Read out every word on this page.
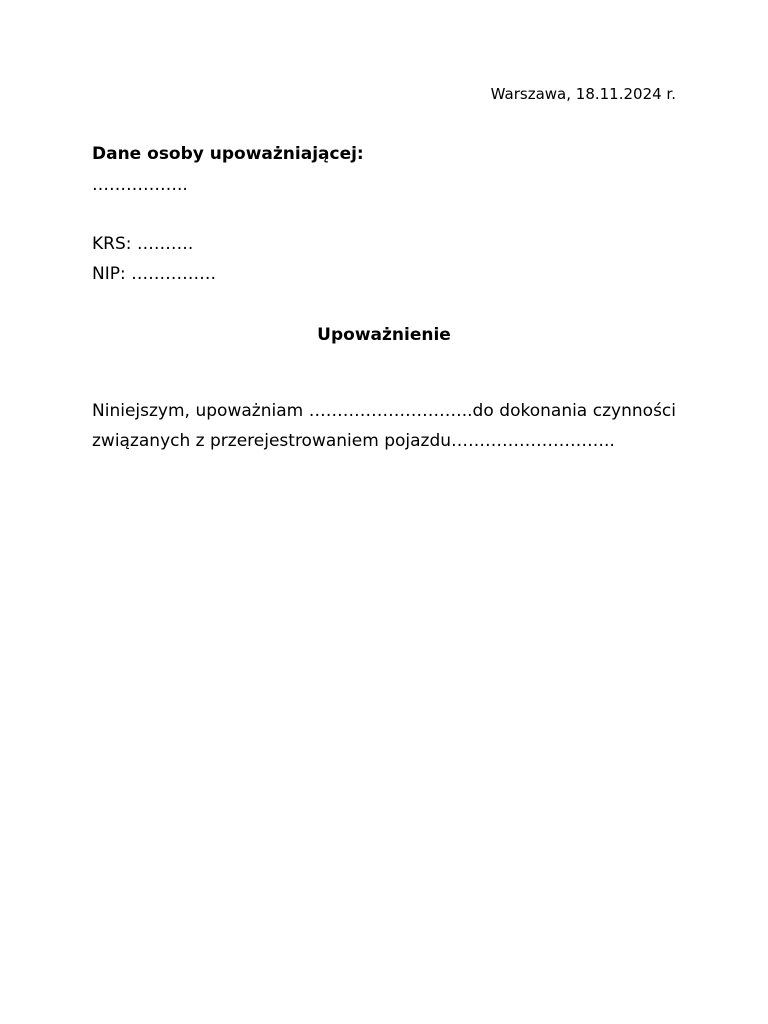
Warszawa, 18.11.2024 r.
Dane osoby upoważniającej:
……………..
KRS: ……….
NIP: ……………
Upoważnienie

Niniejszym, upoważniam ………………………..do dokonania czynności związanych z przerejestrowaniem pojazdu………………………..
